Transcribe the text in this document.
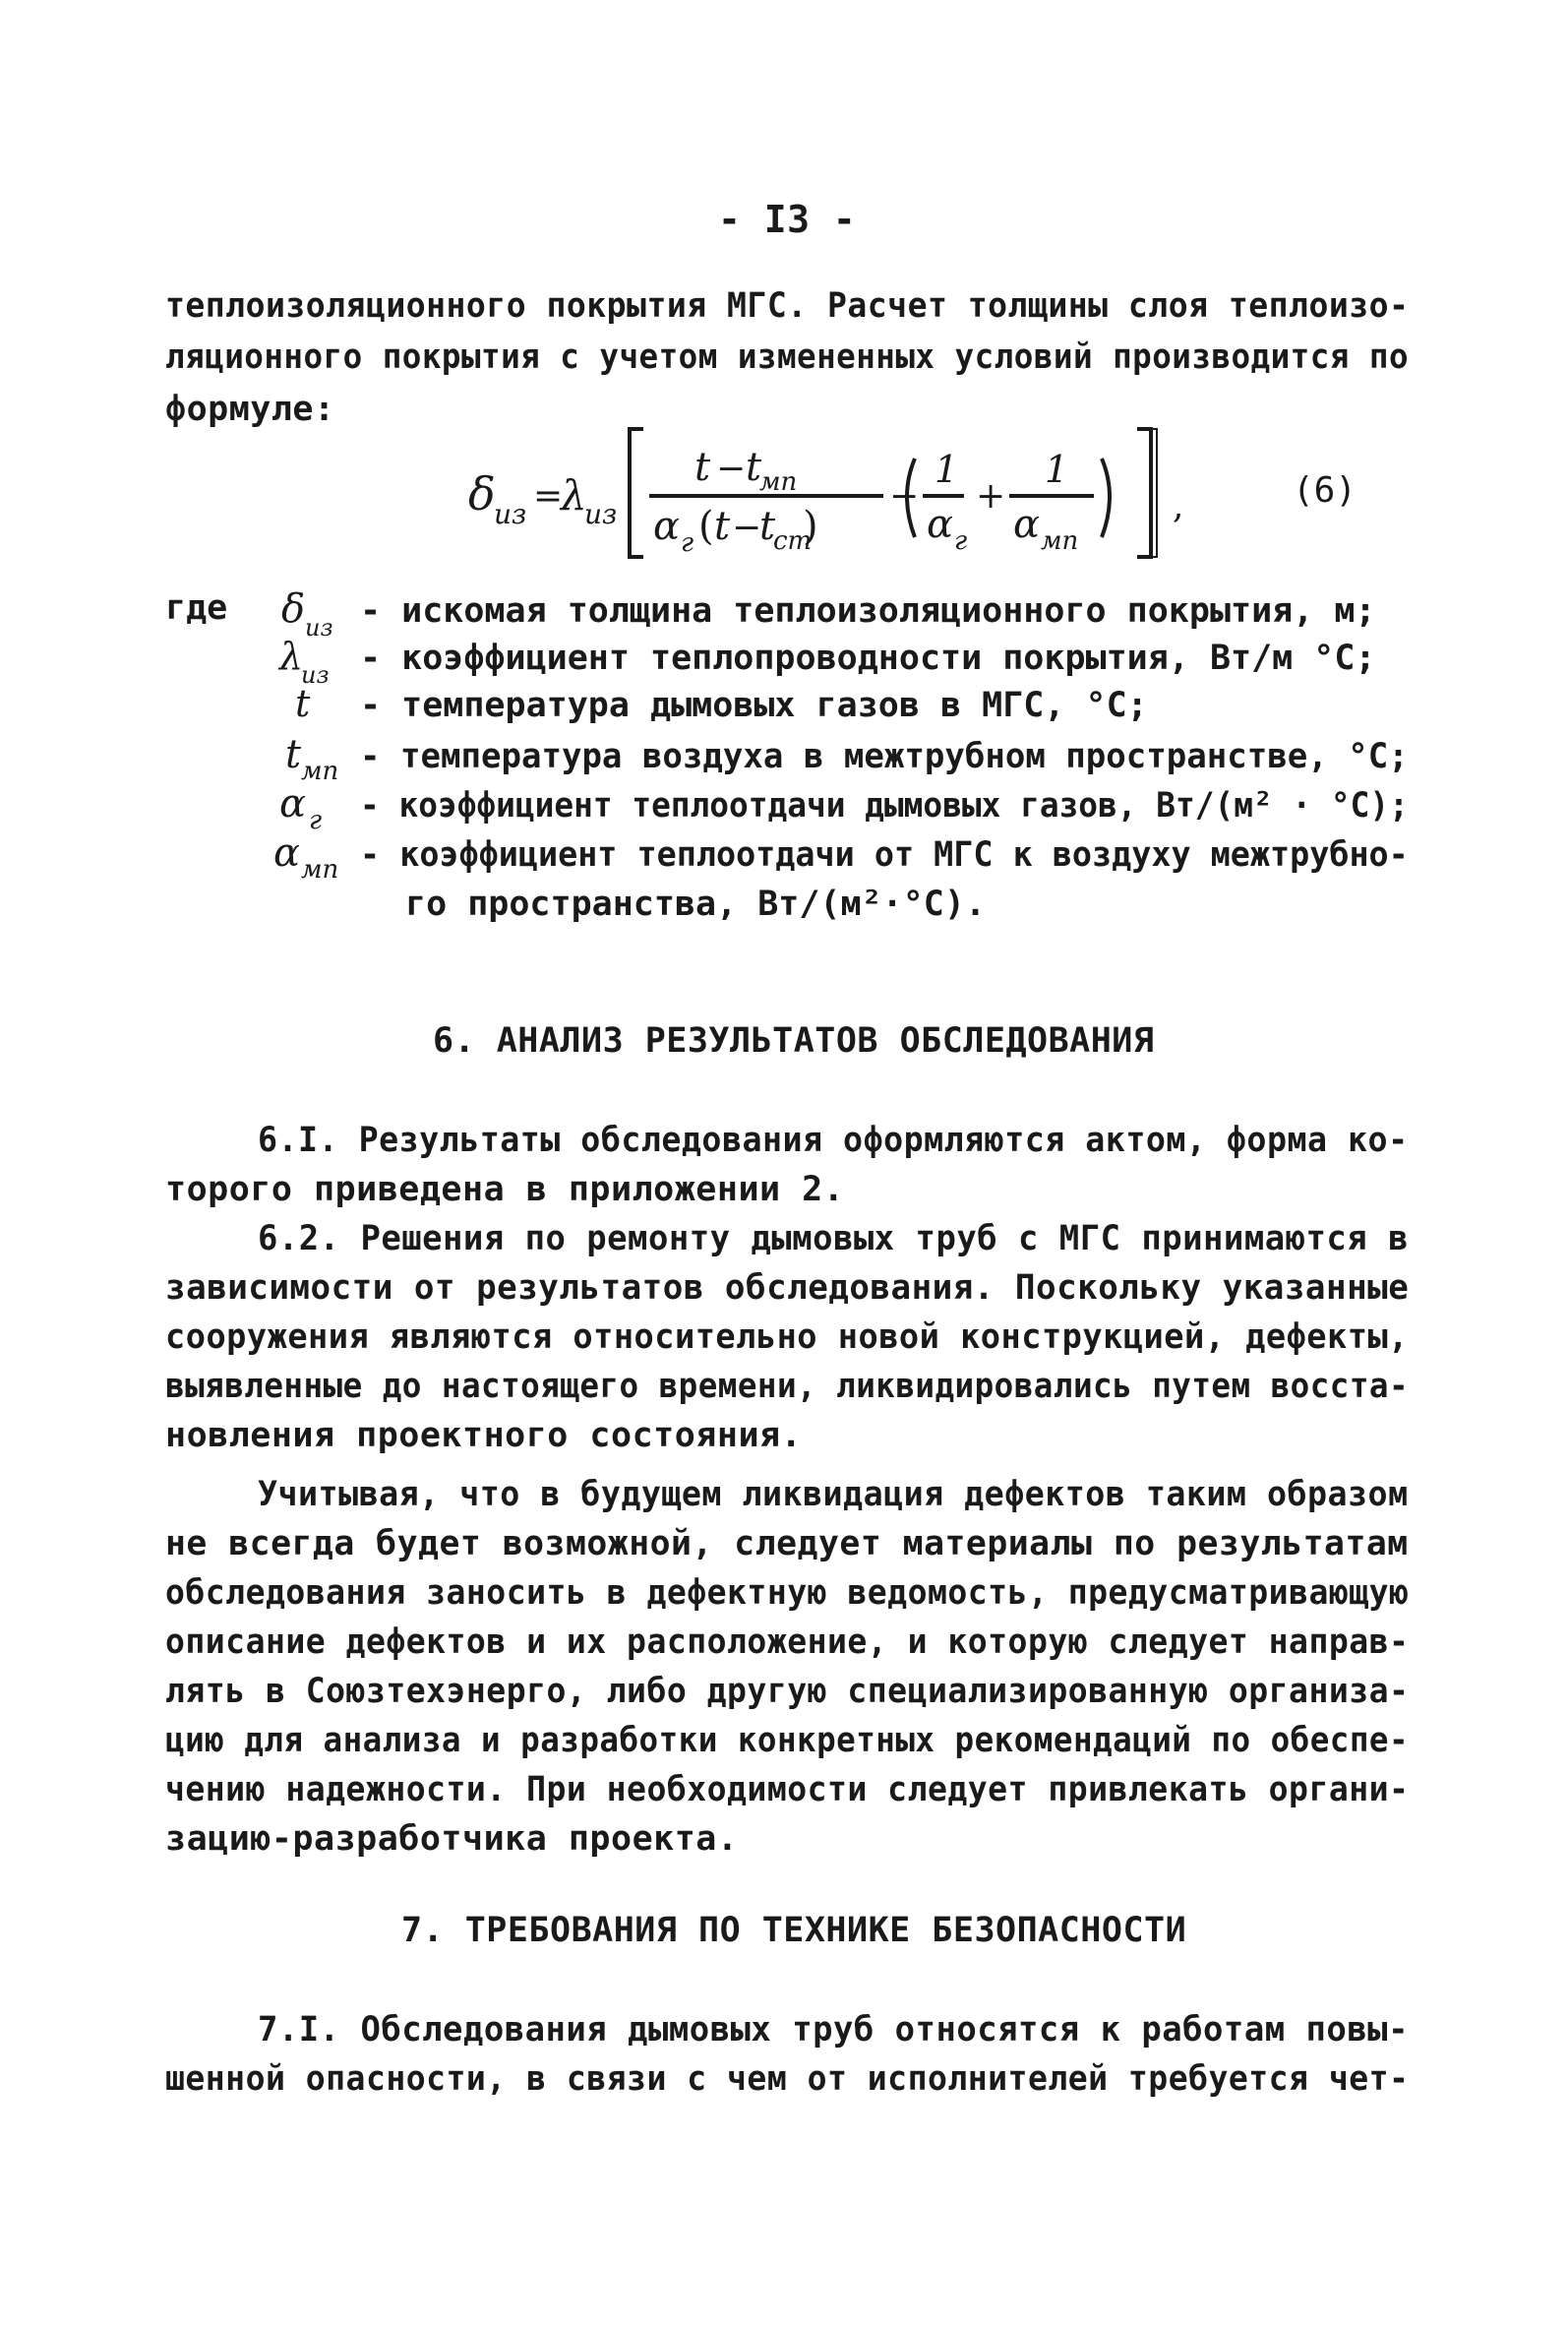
- I3 -
теплоизоляционного покрытия МГС. Расчет толщины слоя теплоизо-
ляционного покрытия с учетом измененных условий производится по
формуле:
δ
из =
λ
из
t − t
мп
α г ( t −
t
ст
)
−
1
α г
+
1
α мп
,	(6)
где δ из
λ
из
t
t мп
α г
α мп
- искомая толщина теплоизоляционного покрытия, м;
- коэффициент теплопроводности покрытия, Вт/м °С;
- температура дымовых газов в МГС, °С;
- температура воздуха в межтрубном пространстве, °С;
- коэффициент теплоотдачи дымовых газов, Вт/(м² · °С);
- коэффициент теплоотдачи от МГС к воздуху межтрубно-
го пространства, Вт/(м²·°С).
6. АНАЛИЗ РЕЗУЛЬТАТОВ ОБСЛЕДОВАНИЯ
6.I. Результаты обследования оформляются актом, форма ко-
торого приведена в приложении 2.
6.2. Решения по ремонту дымовых труб с МГС принимаются в
зависимости от результатов обследования. Поскольку указанные
сооружения являются относительно новой конструкцией, дефекты,
выявленные до настоящего времени, ликвидировались путем восста-
новления проектного состояния.
Учитывая, что в будущем ликвидация дефектов таким образом
не всегда будет возможной, следует материалы по результатам
обследования заносить в дефектную ведомость, предусматривающую
описание дефектов и их расположение, и которую следует направ-
лять в Союзтехэнерго, либо другую специализированную организа-
цию для анализа и разработки конкретных рекомендаций по обеспе-
чению надежности. При необходимости следует привлекать органи-
зацию-разработчика проекта.
7. ТРЕБОВАНИЯ ПО ТЕХНИКЕ БЕЗОПАСНОСТИ
7.I. Обследования дымовых труб относятся к работам повы-
шенной опасности, в связи с чем от исполнителей требуется чет-
